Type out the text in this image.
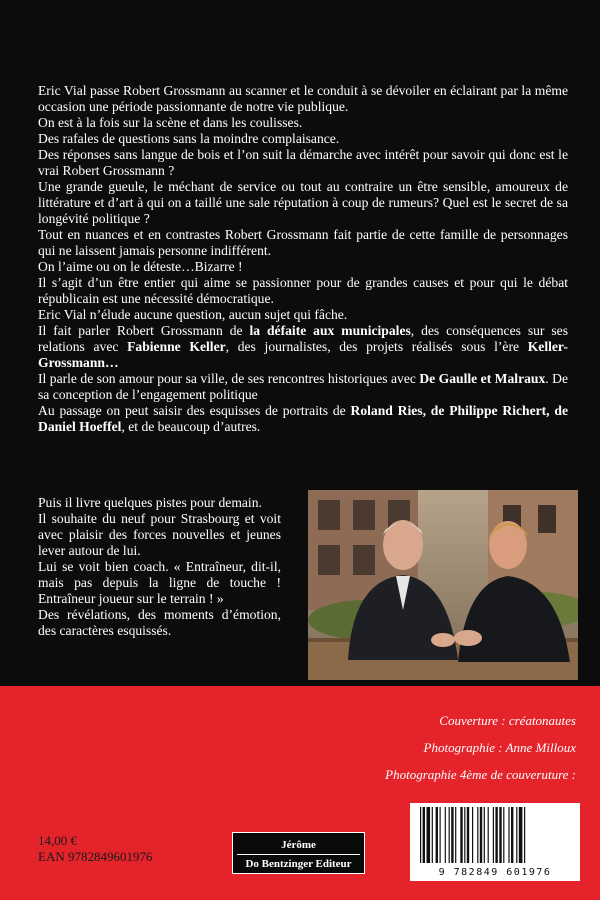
Eric Vial passe Robert Grossmann au scanner et le conduit à se dévoiler en éclairant par la même occasion une période passionnante de notre vie publique.

On est à la fois sur la scène et dans les coulisses.

Des rafales de questions sans la moindre complaisance.

Des réponses sans langue de bois et l’on suit la démarche avec intérêt pour savoir qui donc est le vrai Robert Grossmann ?

Une grande gueule, le méchant de service ou tout au contraire un être sensible, amoureux de littérature et d’art à qui on a taillé une sale réputation à coup de rumeurs? Quel est le secret de sa longévité politique ?

Tout en nuances et en contrastes Robert Grossmann fait partie de cette famille de personnages qui ne laissent jamais personne indifférent.

On l’aime ou on le déteste…Bizarre !

Il s’agit d’un être entier qui aime se passionner pour de grandes causes et pour qui le débat républicain est une nécessité démocratique.

Eric Vial n’élude aucune question, aucun sujet qui fâche.

Il fait parler Robert Grossmann de la défaite aux municipales, des conséquences sur ses relations avec Fabienne Keller, des journalistes, des projets réalisés sous l’ère Keller-Grossmann…

Il parle de son amour pour sa ville, de ses rencontres historiques avec De Gaulle et Malraux. De sa conception de l’engagement politique

Au passage on peut saisir des esquisses de portraits de Roland Ries, de Philippe Richert, de Daniel Hoeffel, et de beaucoup d’autres.

Puis il livre quelques pistes pour demain.

Il souhaite du neuf pour Strasbourg et voit avec plaisir des forces nouvelles et jeunes lever autour de lui.

Lui se voit bien coach. « Entraîneur, dit-il, mais pas depuis la ligne de touche ! Entraîneur joueur sur le terrain ! »

Des révélations, des moments d’émotion, des caractères esquissés.

Couverture : créatonautes

Photographie : Anne Milloux

Photographie 4ème de couveruture :

14,00 €

EAN 9782849601976

Jérôme
Do Bentzinger Editeur
9 782849 601976
